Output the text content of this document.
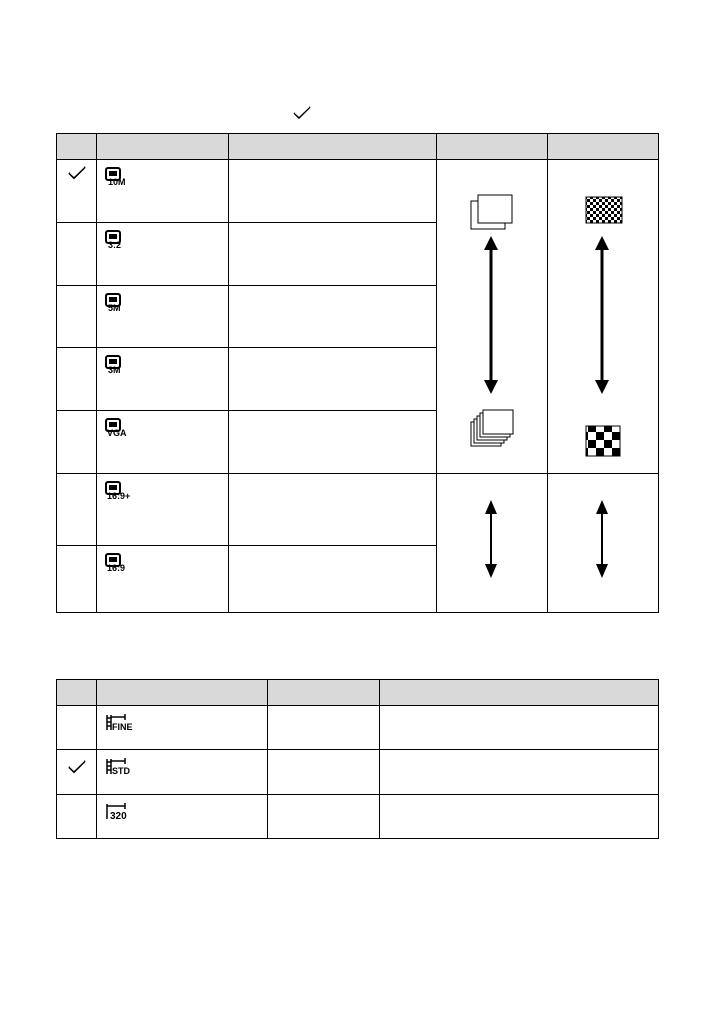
10M

3:2			

5M			

3M			

VGA			

16:9+

16:9			

FINE		

STD		

320		
